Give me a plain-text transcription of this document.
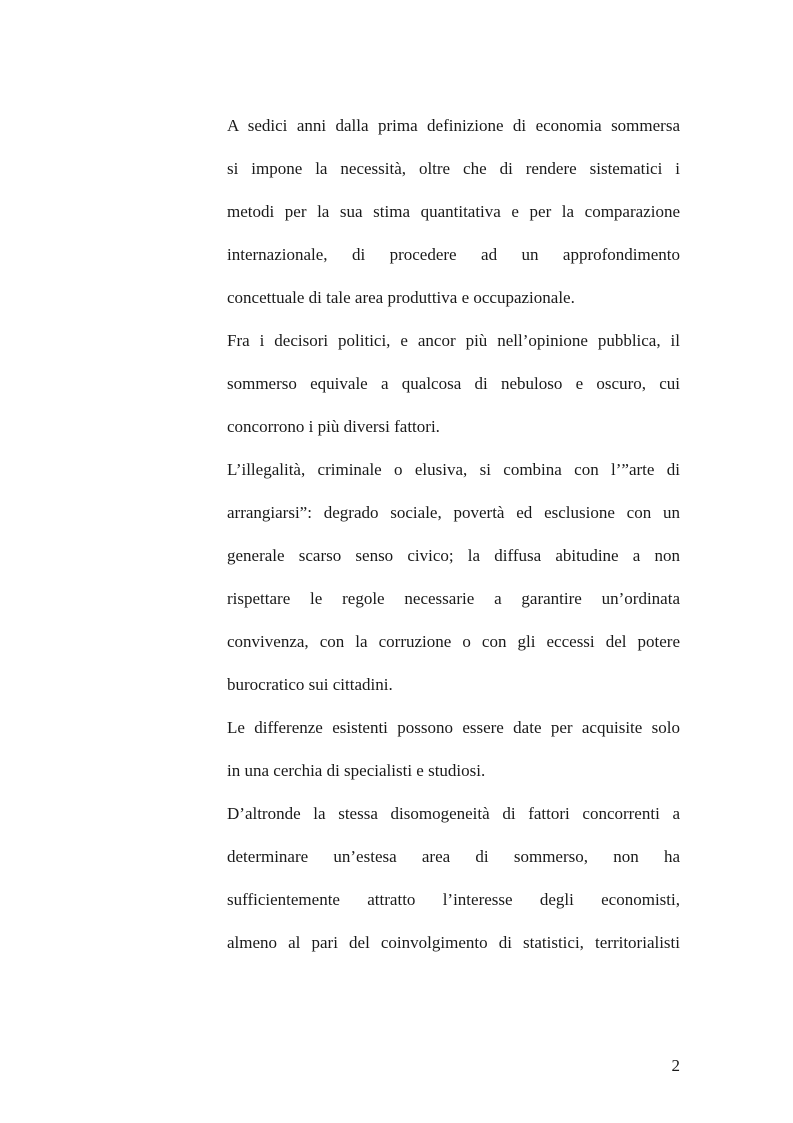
A sedici anni dalla prima definizione di economia sommersa
si impone la necessità, oltre che di rendere sistematici i
metodi per la sua stima quantitativa e per la comparazione
internazionale, di procedere ad un approfondimento
concettuale di tale area produttiva e occupazionale.
Fra i decisori politici, e ancor più nell’opinione pubblica, il
sommerso equivale a qualcosa di nebuloso e oscuro, cui
concorrono i più diversi fattori.
L’illegalità, criminale o elusiva, si combina con l’”arte di
arrangiarsi”: degrado sociale, povertà ed esclusione con un
generale scarso senso civico; la diffusa abitudine a non
rispettare le regole necessarie a garantire un’ordinata
convivenza, con la corruzione o con gli eccessi del potere
burocratico sui cittadini.
Le differenze esistenti possono essere date per acquisite solo
in una cerchia di specialisti e studiosi.
D’altronde la stessa disomogeneità di fattori concorrenti a
determinare un’estesa area di sommerso, non ha
sufficientemente attratto l’interesse degli economisti,
almeno al pari del coinvolgimento di statistici, territorialisti
2
